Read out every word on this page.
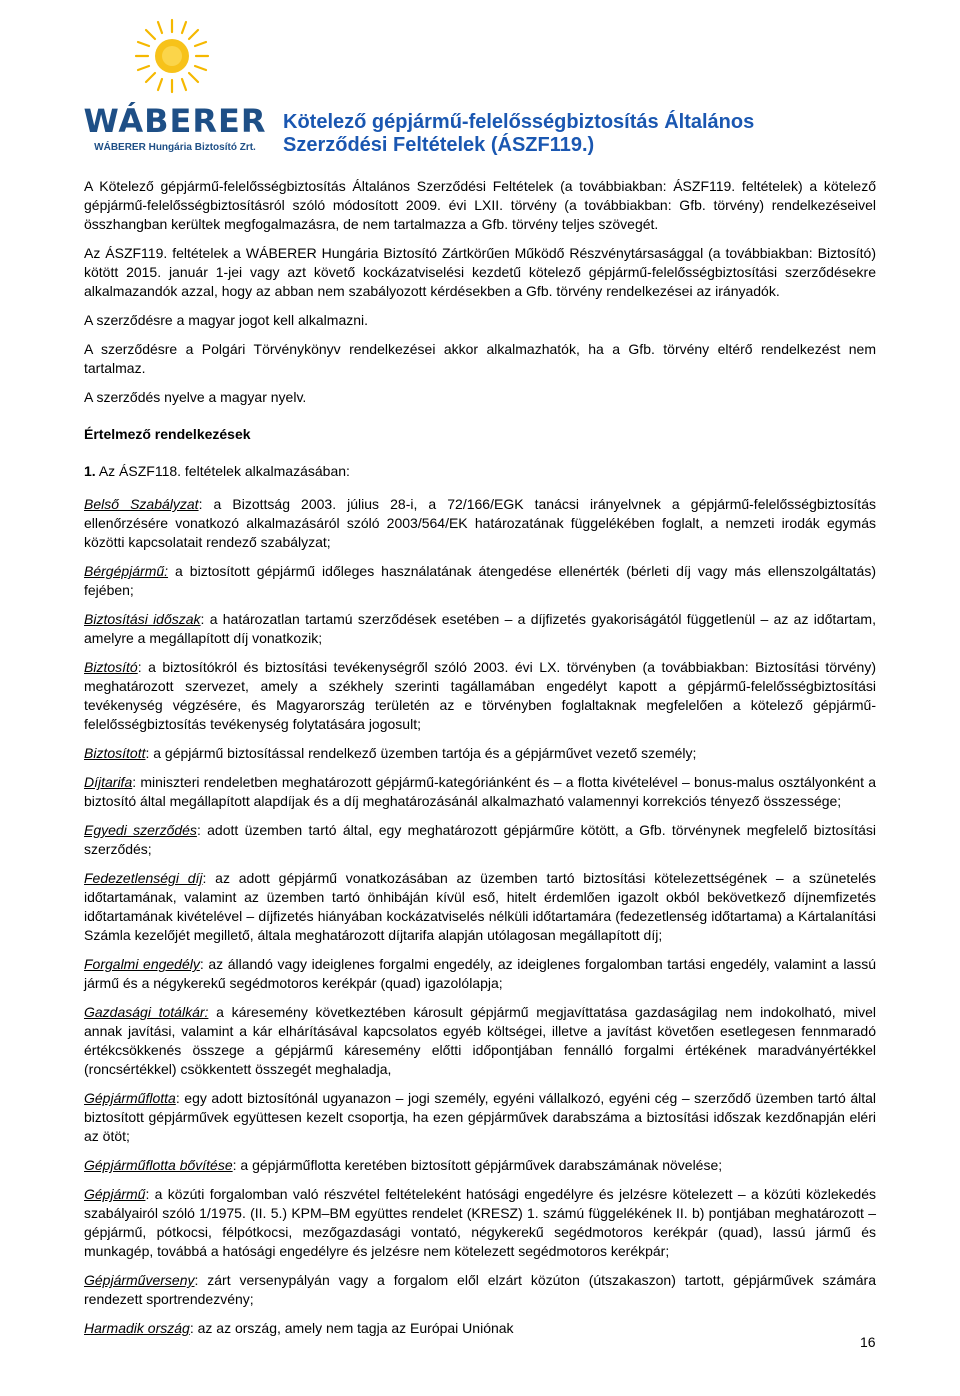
WÁBERER
WÁBERER Hungária Biztosító Zrt.
Kötelező gépjármű-felelősségbiztosítás Általános
Szerződési Feltételek (ÁSZF119.)

A Kötelező gépjármű-felelősségbiztosítás Általános Szerződési Feltételek (a továbbiakban: ÁSZF119. feltételek) a kötelező gépjármű-felelősségbiztosításról szóló módosított 2009. évi LXII. törvény (a továbbiakban: Gfb. törvény) rendelkezéseivel összhangban kerültek megfogalmazásra, de nem tartalmazza a Gfb. törvény teljes szövegét.

Az ÁSZF119. feltételek a WÁBERER Hungária Biztosító Zártkörűen Működő Részvénytársasággal (a továbbiakban: Biztosító) kötött 2015. január 1-jei vagy azt követő kockázatviselési kezdetű kötelező gépjármű-felelősségbiztosítási szerződésekre alkalmazandók azzal, hogy az abban nem szabályozott kérdésekben a Gfb. törvény rendelkezései az irányadók.

A szerződésre a magyar jogot kell alkalmazni.

A szerződésre a Polgári Törvénykönyv rendelkezései akkor alkalmazhatók, ha a Gfb. törvény eltérő rendelkezést nem tartalmaz.

A szerződés nyelve a magyar nyelv.

Értelmező rendelkezések

1. Az ÁSZF118. feltételek alkalmazásában:

Belső Szabályzat: a Bizottság 2003. július 28-i, a 72/166/EGK tanácsi irányelvnek a gépjármű-felelősségbiztosítás ellenőrzésére vonatkozó alkalmazásáról szóló 2003/564/EK határozatának függelékében foglalt, a nemzeti irodák egymás közötti kapcsolatait rendező szabályzat;

Bérgépjármű: a biztosított gépjármű időleges használatának átengedése ellenérték (bérleti díj vagy más ellenszolgáltatás) fejében;

Biztosítási időszak: a határozatlan tartamú szerződések esetében – a díjfizetés gyakoriságától függetlenül – az az időtartam, amelyre a megállapított díj vonatkozik;

Biztosító: a biztosítókról és biztosítási tevékenységről szóló 2003. évi LX. törvényben (a továbbiakban: Biztosítási törvény) meghatározott szervezet, amely a székhely szerinti tagállamában engedélyt kapott a gépjármű-felelősségbiztosítási tevékenység végzésére, és Magyarország területén az e törvényben foglaltaknak megfelelően a kötelező gépjármű-felelősségbiztosítás tevékenység folytatására jogosult;

Biztosított: a gépjármű biztosítással rendelkező üzemben tartója és a gépjárművet vezető személy;

Díjtarifa: miniszteri rendeletben meghatározott gépjármű-kategóriánként és – a flotta kivételével – bonus-malus osztályonként a biztosító által megállapított alapdíjak és a díj meghatározásánál alkalmazható valamennyi korrekciós tényező összessége;

Egyedi szerződés: adott üzemben tartó által, egy meghatározott gépjárműre kötött, a Gfb. törvénynek megfelelő biztosítási szerződés;

Fedezetlenségi díj: az adott gépjármű vonatkozásában az üzemben tartó biztosítási kötelezettségének – a szünetelés időtartamának, valamint az üzemben tartó önhibáján kívül eső, hitelt érdemlően igazolt okból bekövetkező díjnemfizetés időtartamának kivételével – díjfizetés hiányában kockázatviselés nélküli időtartamára (fedezetlenség időtartama) a Kártalanítási Számla kezelőjét megillető, általa meghatározott díjtarifa alapján utólagosan megállapított díj;

Forgalmi engedély: az állandó vagy ideiglenes forgalmi engedély, az ideiglenes forgalomban tartási engedély, valamint a lassú jármű és a négykerekű segédmotoros kerékpár (quad) igazolólapja;

Gazdasági totálkár: a káresemény következtében károsult gépjármű megjavíttatása gazdaságilag nem indokolható, mivel annak javítási, valamint a kár elhárításával kapcsolatos egyéb költségei, illetve a javítást követően esetlegesen fennmaradó értékcsökkenés összege a gépjármű káresemény előtti időpontjában fennálló forgalmi értékének maradványértékkel (roncsértékkel) csökkentett összegét meghaladja,

Gépjárműflotta: egy adott biztosítónál ugyanazon – jogi személy, egyéni vállalkozó, egyéni cég – szerződő üzemben tartó által biztosított gépjárművek együttesen kezelt csoportja, ha ezen gépjárművek darabszáma a biztosítási időszak kezdőnapján eléri az ötöt;

Gépjárműflotta bővítése: a gépjárműflotta keretében biztosított gépjárművek darabszámának növelése;

Gépjármű: a közúti forgalomban való részvétel feltételeként hatósági engedélyre és jelzésre kötelezett – a közúti közlekedés szabályairól szóló 1/1975. (II. 5.) KPM–BM együttes rendelet (KRESZ) 1. számú függelékének II. b) pontjában meghatározott – gépjármű, pótkocsi, félpótkocsi, mezőgazdasági vontató, négykerekű segédmotoros kerékpár (quad), lassú jármű és munkagép, továbbá a hatósági engedélyre és jelzésre nem kötelezett segédmotoros kerékpár;

Gépjárműverseny: zárt versenypályán vagy a forgalom elől elzárt közúton (útszakaszon) tartott, gépjárművek számára rendezett sportrendezvény;

Harmadik ország: az az ország, amely nem tagja az Európai Uniónak

16
